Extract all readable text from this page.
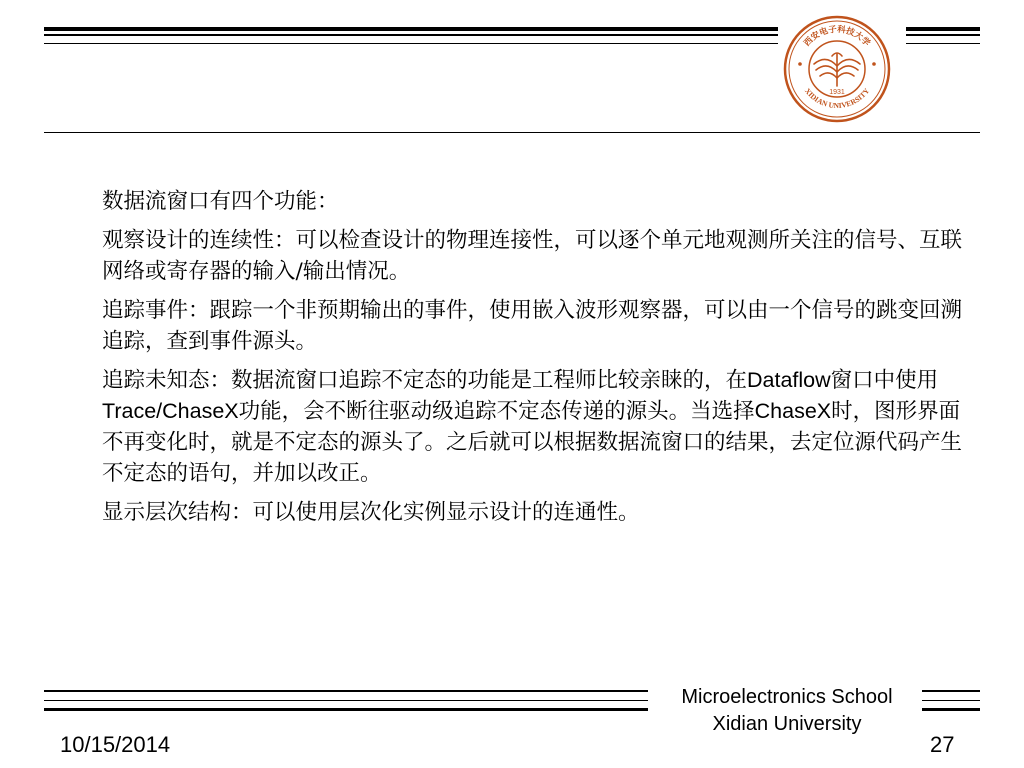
西安电子科技大学
XIDIAN UNIVERSITY
1931
数据流窗口有四个功能：
观察设计的连续性：可以检查设计的物理连接性，可以逐个单元地观测所关注的信号、互联网络或寄存器的输入/输出情况。
追踪事件：跟踪一个非预期输出的事件，使用嵌入波形观察器，可以由一个信号的跳变回溯追踪，查到事件源头。
追踪未知态：数据流窗口追踪不定态的功能是工程师比较亲睐的，在Dataflow窗口中使用Trace/ChaseX功能，会不断往驱动级追踪不定态传递的源头。当选择ChaseX时，图形界面不再变化时，就是不定态的源头了。之后就可以根据数据流窗口的结果，去定位源代码产生不定态的语句，并加以改正。
显示层次结构：可以使用层次化实例显示设计的连通性。
Microelectronics School
Xidian University
10/15/2014	27
